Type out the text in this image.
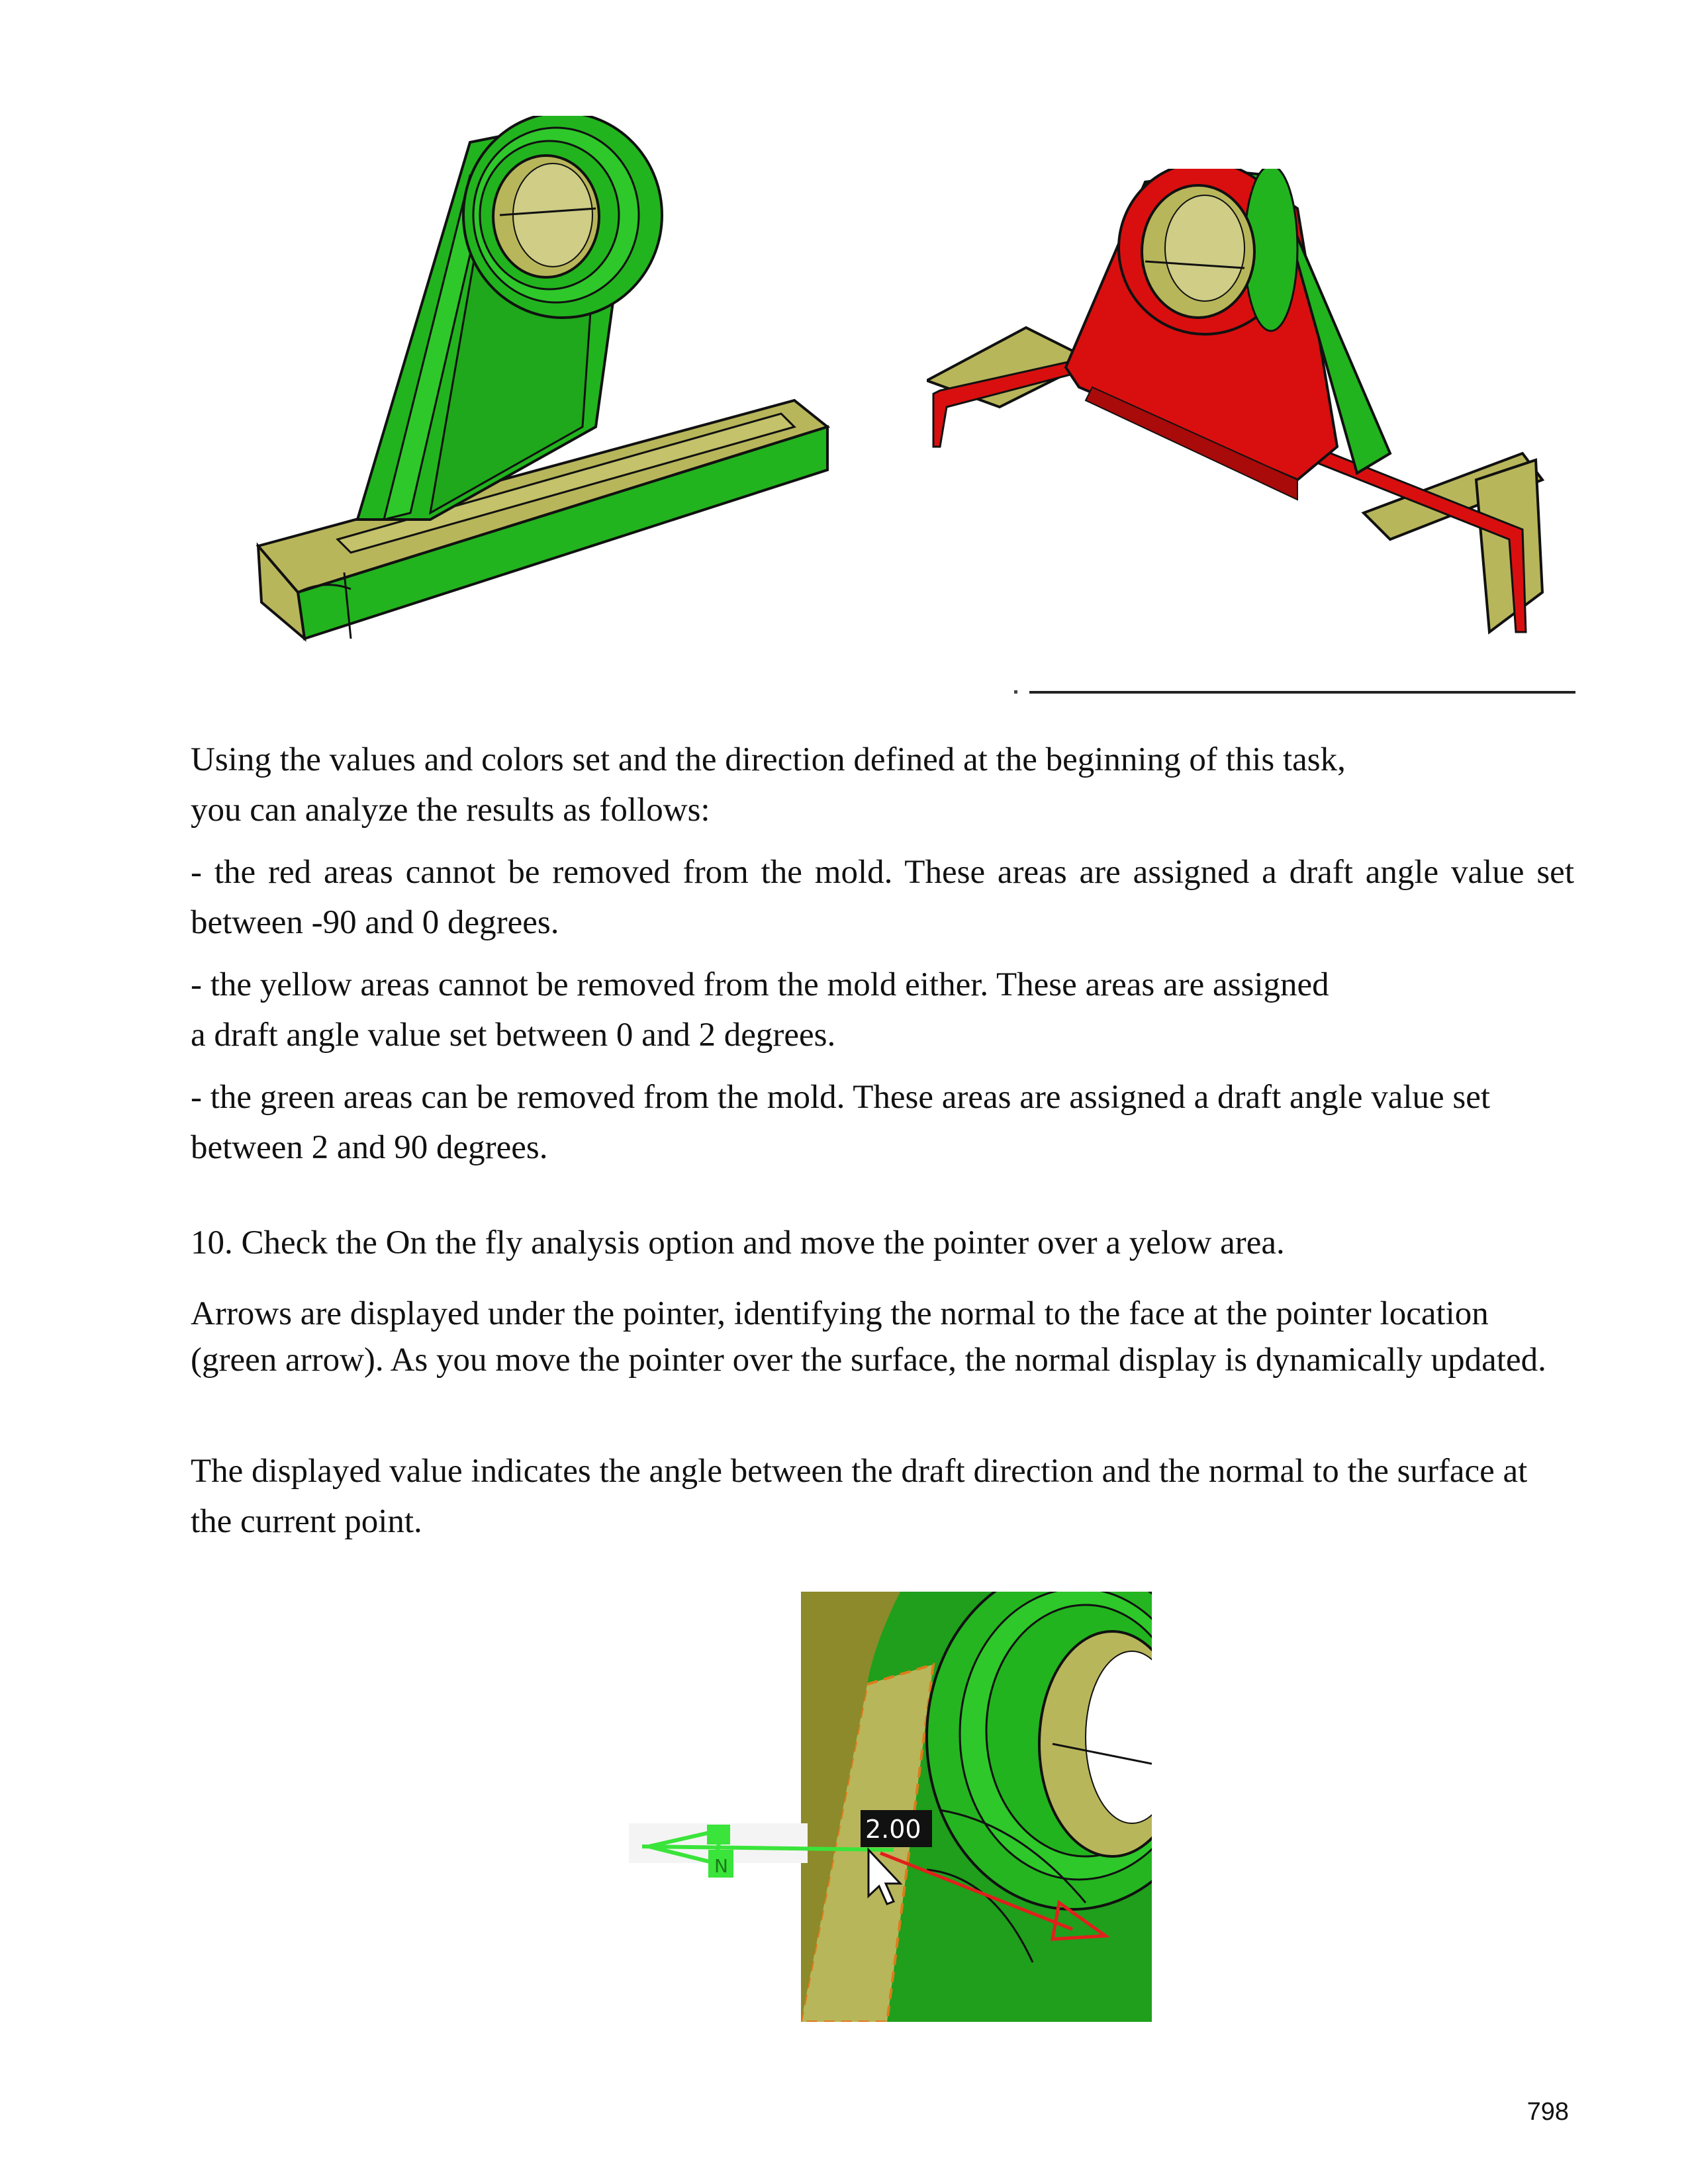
Using the values and colors set and the direction defined at the beginning of this task,
you can analyze the results as follows:
- the red areas cannot be removed from the mold. These areas are assigned a draft angle value set between -90 and 0 degrees.
- the yellow areas cannot be removed from the mold either. These areas are assigned
a draft angle value set between 0 and 2 degrees.
- the green areas can be removed from the mold. These areas are assigned a draft angle value set between 2 and 90 degrees.
10. Check the On the fly analysis option and move the pointer over a yelow area.
Arrows are displayed under the pointer, identifying the normal to the face at the pointer location (green arrow). As you move the pointer over the surface, the normal display is dynamically updated.
The displayed value indicates the angle between the draft direction and the normal to the surface at the current point.
N
2.00
798
